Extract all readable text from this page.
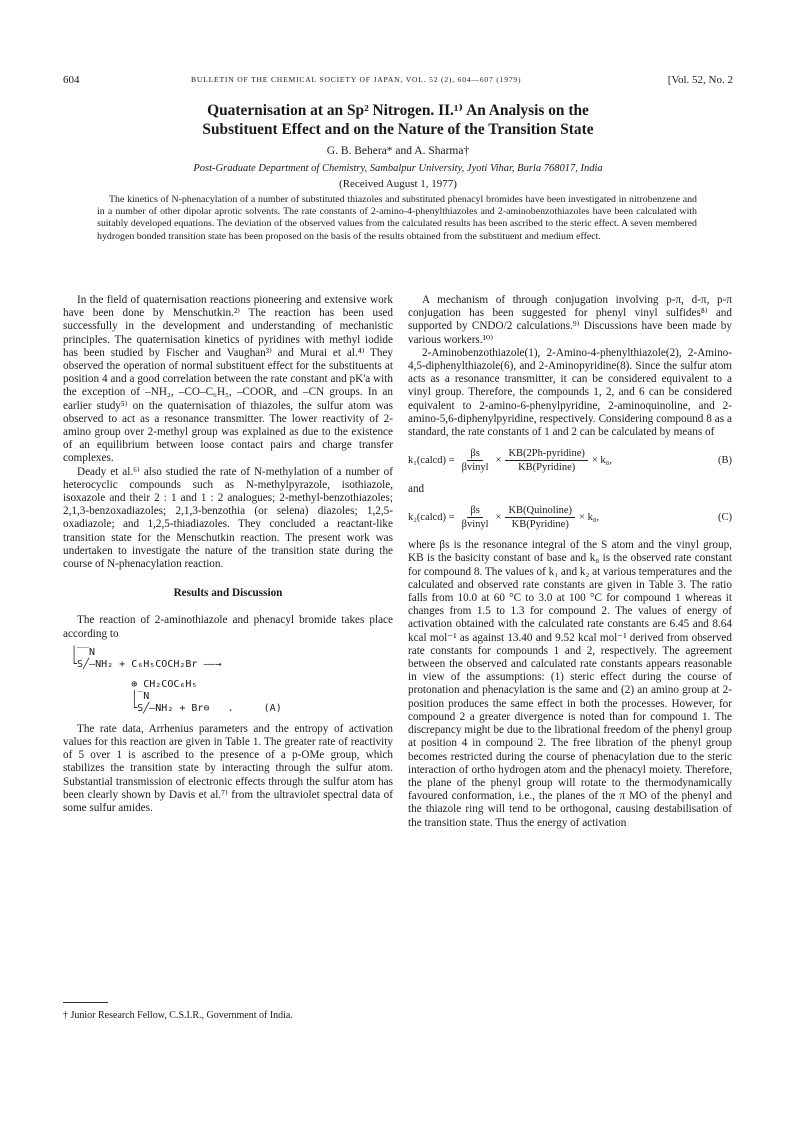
604	BULLETIN OF THE CHEMICAL SOCIETY OF JAPAN, VOL. 52 (2), 604—607 (1979)	[Vol. 52, No. 2
Quaternisation at an Sp² Nitrogen. II.¹⁾ An Analysis on the
Substituent Effect and on the Nature of the Transition State
G. B. Behera* and A. Sharma†
Post-Graduate Department of Chemistry, Sambalpur University, Jyoti Vihar, Burla 768017, India
(Received August 1, 1977)
The kinetics of N-phenacylation of a number of substituted thiazoles and substituted phenacyl bromides have been investigated in nitrobenzene and in a number of other dipolar aprotic solvents. The rate constants of 2-amino-4-phenylthiazoles and 2-aminobenzothiazoles have been calculated with suitably developed equations. The deviation of the observed values from the calculated results has been ascribed to the steric effect. A seven membered hydrogen bonded transition state has been proposed on the basis of the results obtained from the substituent and medium effect.

In the field of quaternisation reactions pioneering and extensive work have been done by Menschutkin.²⁾ The reaction has been used successfully in the development and understanding of mechanistic principles. The quaternisation kinetics of pyridines with methyl iodide has been studied by Fischer and Vaughan³⁾ and Murai et al.⁴⁾ They observed the operation of normal substituent effect for the substituents at position 4 and a good correlation between the rate constant and pK'a with the exception of –NH₂, –CO–C₆H₅, –COOR, and –CN groups. In an earlier study⁵⁾ on the quaternisation of thiazoles, the sulfur atom was observed to act as a resonance transmitter. The lower reactivity of 2-amino group over 2-methyl group was explained as due to the existence of an equilibrium between loose contact pairs and charge transfer complexes.

Deady et al.⁶⁾ also studied the rate of N-methylation of a number of heterocyclic compounds such as N-methylpyrazole, isothiazole, isoxazole and their 2 : 1 and 1 : 2 analogues; 2-methyl-benzothiazoles; 2,1,3-benzoxadiazoles; 2,1,3-benzothia (or selena) diazoles; 1,2,5-oxadiazole; and 1,2,5-thiadiazoles. They concluded a reactant-like transition state for the Menschutkin reaction. The present work was undertaken to investigate the nature of the transition state during the course of N-phenacylation reaction.

Results and Discussion

The reaction of 2-aminothiazole and phenacyl bromide takes place according to

│‾‾N
└S╱—NH₂ + C₆H₅COCH₂Br ——→
⊕ CH₂COC₆H₅
│‾N
└S╱—NH₂ + Br⊖   .     (A)

The rate data, Arrhenius parameters and the entropy of activation values for this reaction are given in Table 1. The greater rate of reactivity of 5 over 1 is ascribed to the presence of a p-OMe group, which stabilizes the transition state by interacting through the sulfur atom. Substantial transmission of electronic effects through the sulfur atom has been clearly shown by Davis et al.⁷⁾ from the ultraviolet spectral data of some sulfur amides.

† Junior Research Fellow, C.S.I.R., Government of India.

A mechanism of through conjugation involving p-π, d-π, p-π conjugation has been suggested for phenyl vinyl sulfides⁸⁾ and supported by CNDO/2 calculations.⁹⁾ Discussions have been made by various workers.¹⁰⁾

2-Aminobenzothiazole(1), 2-Amino-4-phenylthiazole(2), 2-Amino-4,5-diphenylthiazole(6), and 2-Aminopyridine(8). Since the sulfur atom acts as a resonance transmitter, it can be considered equivalent to a vinyl group. Therefore, the compounds 1, 2, and 6 can be considered equivalent to 2-amino-6-phenylpyridine, 2-aminoquinoline, and 2-amino-5,6-diphenylpyridine, respectively. Considering compound 8 as a standard, the rate constants of 1 and 2 can be calculated by means of

k₁(calcd) = $\frac{\beta s}{\text{βvinyl}} \times \frac{\text{KB(2Ph-pyridine)}}{\text{KB(Pyridine)}} \times k_8$,	(B)

and

k₂(calcd) = $\frac{\beta s}{\text{βvinyl}} \times \frac{\text{KB(Quinoline)}}{\text{KB(Pyridine)}} \times k_8$,	(C)

where βs is the resonance integral of the S atom and the vinyl group, KB is the basicity constant of base and k₈ is the observed rate constant for compound 8. The values of k₁ and k₂ at various temperatures and the calculated and observed rate constants are given in Table 3. The ratio falls from 10.0 at 60 °C to 3.0 at 100 °C for compound 1 whereas it changes from 1.5 to 1.3 for compound 2. The values of energy of activation obtained with the calculated rate constants are 6.45 and 8.64 kcal mol⁻¹ as against 13.40 and 9.52 kcal mol⁻¹ derived from observed rate constants for compounds 1 and 2, respectively. The agreement between the observed and calculated rate constants appears reasonable in view of the assumptions: (1) steric effect during the course of protonation and phenacylation is the same and (2) an amino group at 2-position produces the same effect in both the processes. However, for compound 2 a greater divergence is noted than for compound 1. The discrepancy might be due to the librational freedom of the phenyl group at position 4 in compound 2. The free libration of the phenyl group becomes restricted during the course of phenacylation due to the steric interaction of ortho hydrogen atom and the phenacyl moiety. Therefore, the plane of the phenyl group will rotate to the thermodynamically favoured conformation, i.e., the planes of the π MO of the phenyl and the thiazole ring will tend to be orthogonal, causing destabilisation of the transition state. Thus the energy of activation
